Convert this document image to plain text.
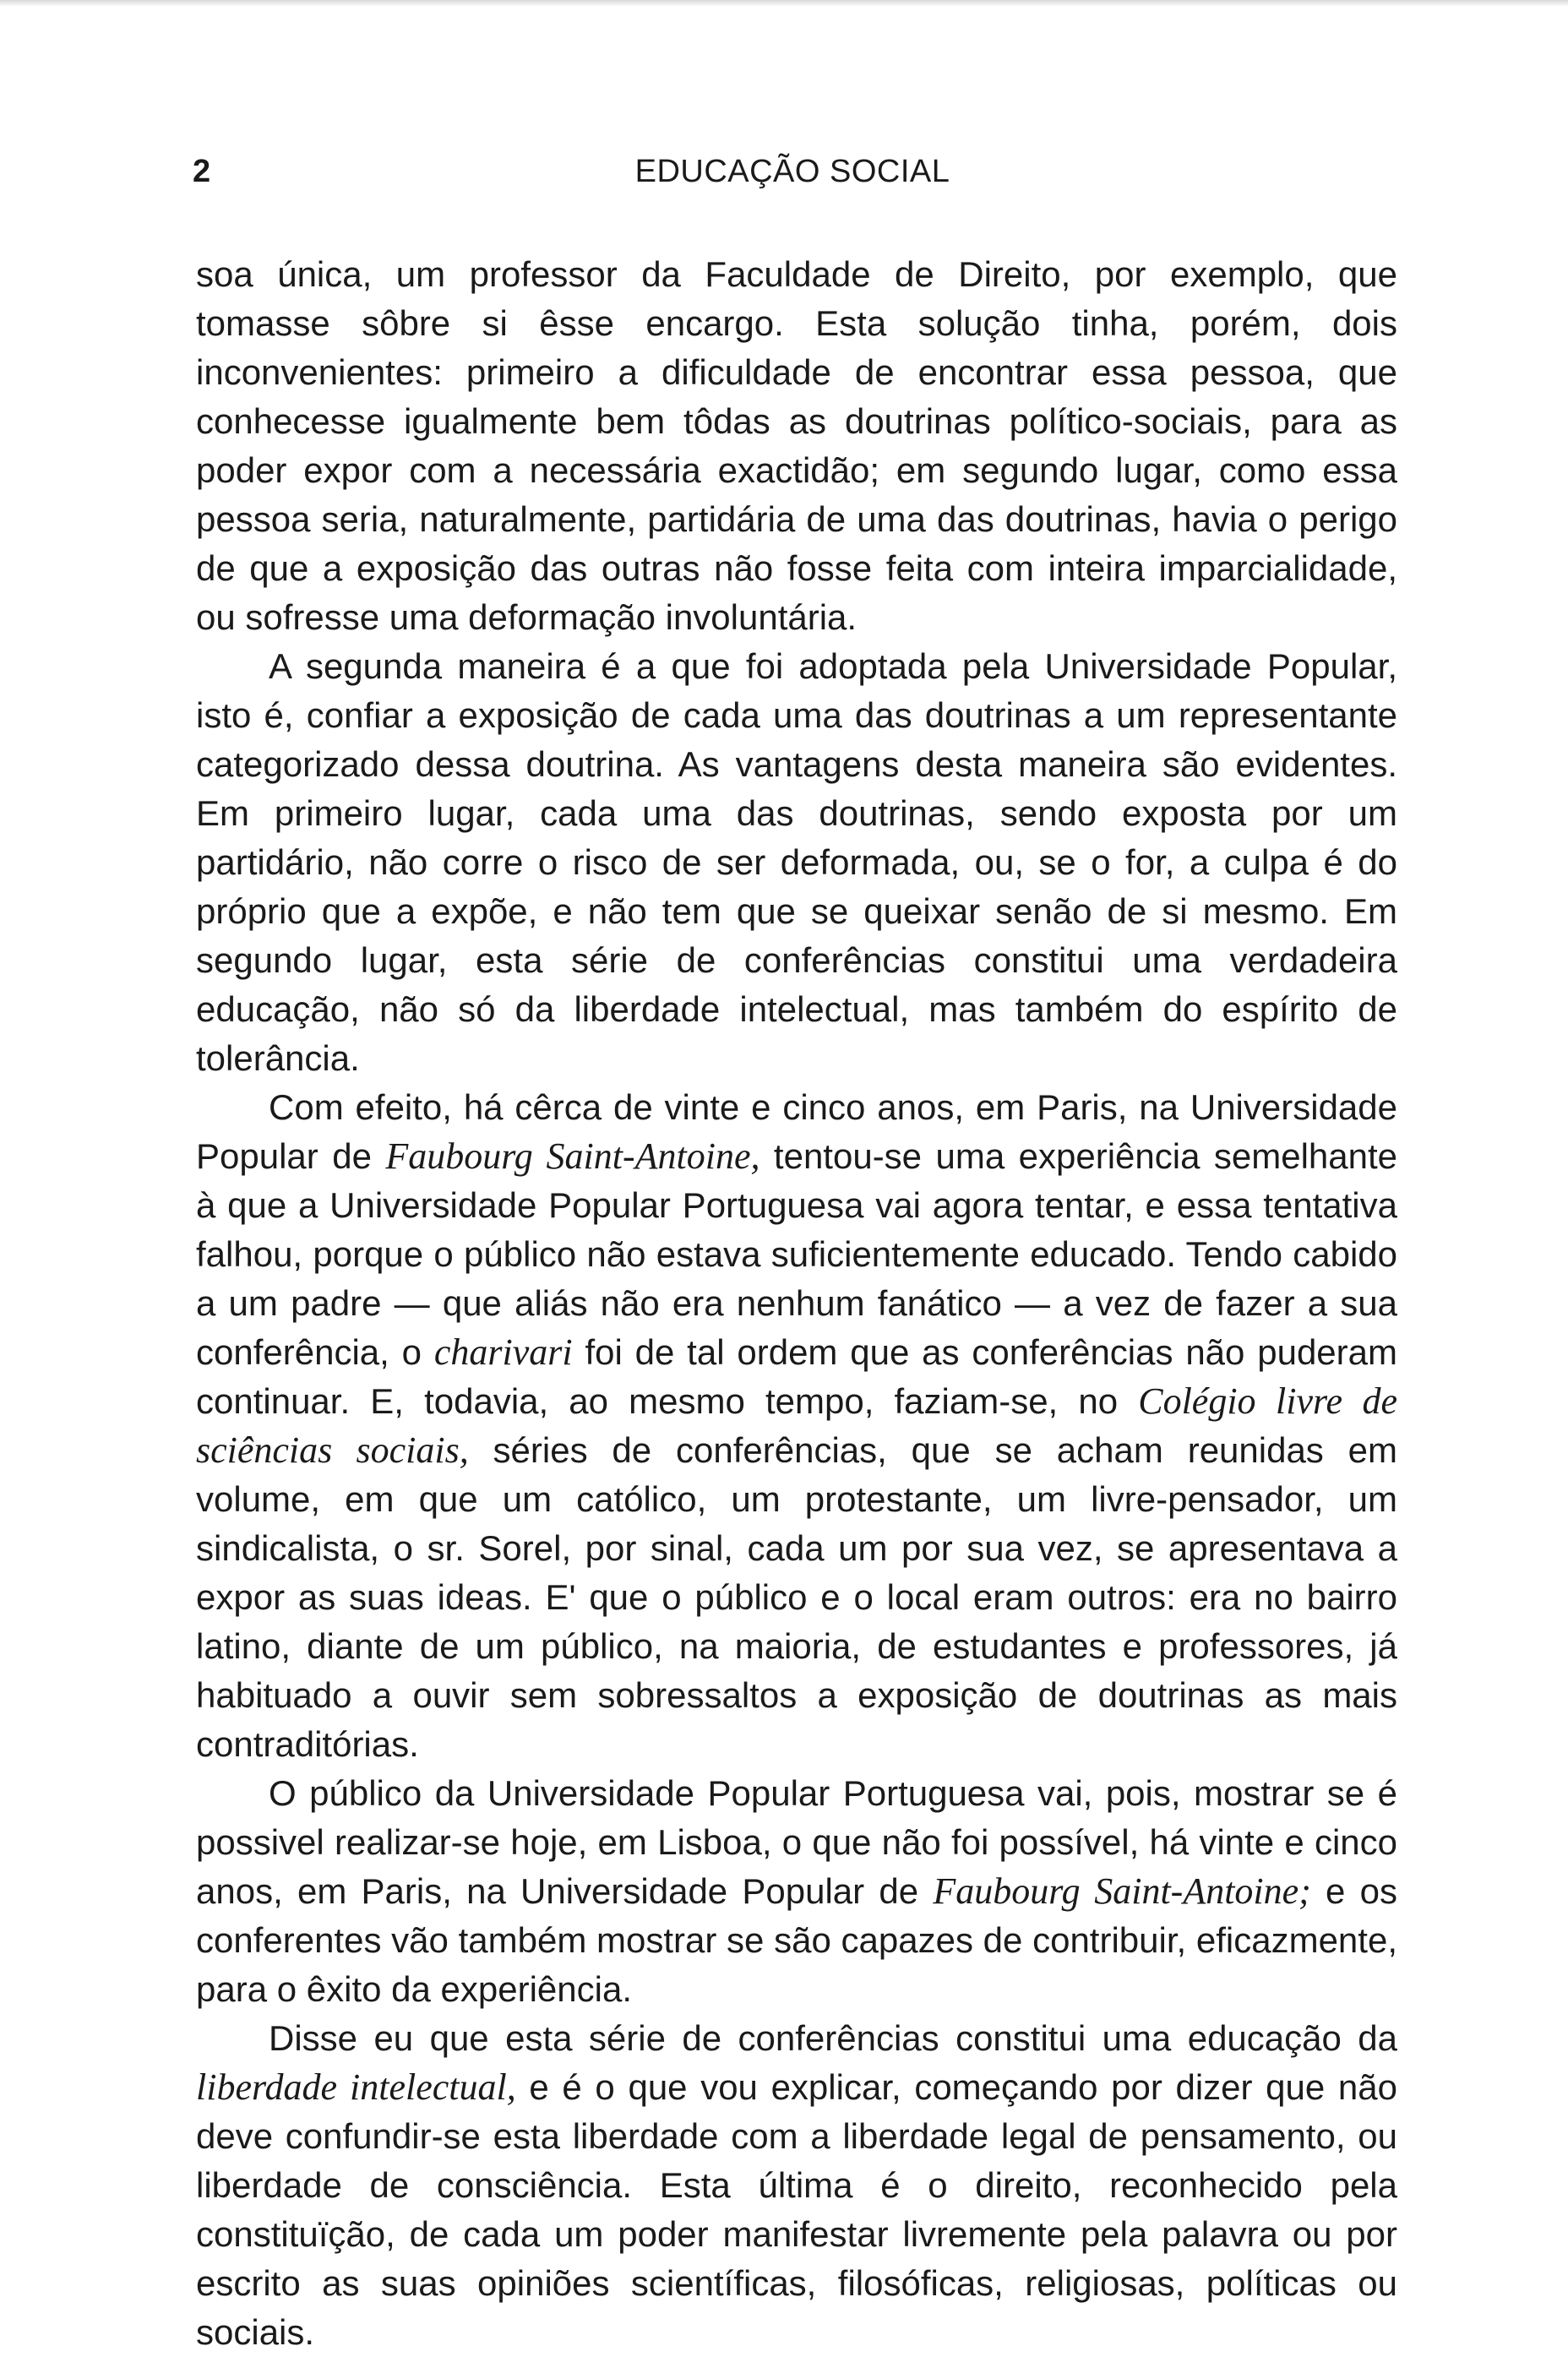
2	EDUCAÇÃO SOCIAL

soa única, um professor da Faculdade de Direito, por exemplo, que tomasse sôbre si êsse encargo. Esta solução tinha, porém, dois inconvenientes: primeiro a dificuldade de encontrar essa pessoa, que conhecesse igualmente bem tôdas as doutrinas político-sociais, para as poder expor com a necessária exactidão; em segundo lugar, como essa pessoa seria, naturalmente, partidária de uma das doutrinas, havia o perigo de que a exposição das outras não fosse feita com inteira imparcialidade, ou sofresse uma deformação involuntária.

A segunda maneira é a que foi adoptada pela Universidade Popular, isto é, confiar a exposição de cada uma das doutrinas a um representante categorizado dessa doutrina. As vantagens desta maneira são evidentes. Em primeiro lugar, cada uma das doutrinas, sendo exposta por um partidário, não corre o risco de ser deformada, ou, se o for, a culpa é do próprio que a expõe, e não tem que se queixar senão de si mesmo. Em segundo lugar, esta série de conferências constitui uma verdadeira educação, não só da liberdade intelectual, mas também do espírito de tolerância.

Com efeito, há cêrca de vinte e cinco anos, em Paris, na Universidade Popular de Faubourg Saint-Antoine, tentou-se uma experiência semelhante à que a Universidade Popular Portuguesa vai agora tentar, e essa tentativa falhou, porque o público não estava suficientemente educado. Tendo cabido a um padre — que aliás não era nenhum fanático — a vez de fazer a sua conferência, o charivari foi de tal ordem que as conferências não puderam continuar. E, todavia, ao mesmo tempo, faziam-se, no Colégio livre de sciências sociais, séries de conferências, que se acham reunidas em volume, em que um católico, um protestante, um livre-pensador, um sindicalista, o sr. Sorel, por sinal, cada um por sua vez, se apresentava a expor as suas ideas. E' que o público e o local eram outros: era no bairro latino, diante de um público, na maioria, de estudantes e professores, já habituado a ouvir sem sobressaltos a exposição de doutrinas as mais contraditórias.

O público da Universidade Popular Portuguesa vai, pois, mostrar se é possivel realizar-se hoje, em Lisboa, o que não foi possível, há vinte e cinco anos, em Paris, na Universidade Popular de Faubourg Saint-Antoine; e os conferentes vão também mostrar se são capazes de contribuir, eficazmente, para o êxito da experiência.

Disse eu que esta série de conferências constitui uma educação da liberdade intelectual, e é o que vou explicar, começando por dizer que não deve confundir-se esta liberdade com a liberdade legal de pensamento, ou liberdade de consciência. Esta última é o direito, reconhecido pela constituïção, de cada um poder manifestar livremente pela palavra ou por escrito as suas opiniões scientíficas, filosóficas, religiosas, políticas ou sociais.
